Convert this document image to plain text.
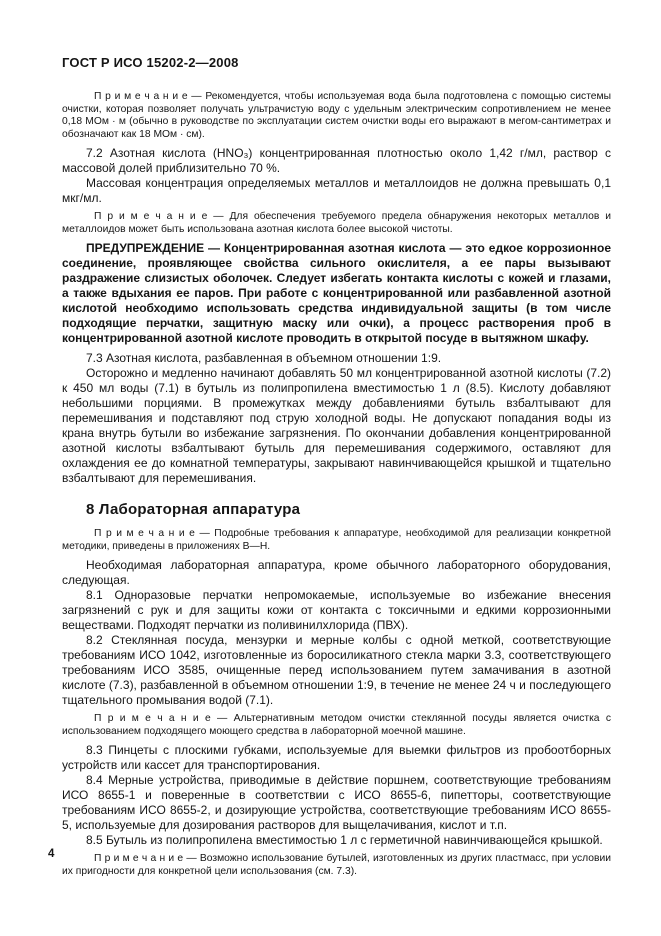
ГОСТ Р ИСО 15202-2—2008

П р и м е ч а н и е — Рекомендуется, чтобы используемая вода была подготовлена с помощью системы очистки, которая позволяет получать ультрачистую воду с удельным электрическим сопротивлением не менее 0,18 МОм · м (обычно в руководстве по эксплуатации систем очистки воды его выражают в мегом-сантиметрах и обозначают как 18 МОм · см).

7.2 Азотная кислота (HNO₃) концентрированная плотностью около 1,42 г/мл, раствор с массовой долей приблизительно 70 %.

Массовая концентрация определяемых металлов и металлоидов не должна превышать 0,1 мкг/мл.

П р и м е ч а н и е — Для обеспечения требуемого предела обнаружения некоторых металлов и металлоидов может быть использована азотная кислота более высокой чистоты.

ПРЕДУПРЕЖДЕНИЕ — Концентрированная азотная кислота — это едкое коррозионное соединение, проявляющее свойства сильного окислителя, а ее пары вызывают раздражение слизистых оболочек. Следует избегать контакта кислоты с кожей и глазами, а также вдыхания ее паров. При работе с концентрированной или разбавленной азотной кислотой необходимо использовать средства индивидуальной защиты (в том числе подходящие перчатки, защитную маску или очки), а процесс растворения проб в концентрированной азотной кислоте проводить в открытой посуде в вытяжном шкафу.

7.3 Азотная кислота, разбавленная в объемном отношении 1:9.

Осторожно и медленно начинают добавлять 50 мл концентрированной азотной кислоты (7.2) к 450 мл воды (7.1) в бутыль из полипропилена вместимостью 1 л (8.5). Кислоту добавляют небольшими порциями. В промежутках между добавлениями бутыль взбалтывают для перемешивания и подставляют под струю холодной воды. Не допускают попадания воды из крана внутрь бутыли во избежание загрязнения. По окончании добавления концентрированной азотной кислоты взбалтывают бутыль для перемешивания содержимого, оставляют для охлаждения ее до комнатной температуры, закрывают навинчивающейся крышкой и тщательно взбалтывают для перемешивания.

8 Лабораторная аппаратура

П р и м е ч а н и е — Подробные требования к аппаратуре, необходимой для реализации конкретной методики, приведены в приложениях В—Н.

Необходимая лабораторная аппаратура, кроме обычного лабораторного оборудования, следующая.

8.1 Одноразовые перчатки непромокаемые, используемые во избежание внесения загрязнений с рук и для защиты кожи от контакта с токсичными и едкими коррозионными веществами. Подходят перчатки из поливинилхлорида (ПВХ).

8.2 Стеклянная посуда, мензурки и мерные колбы с одной меткой, соответствующие требованиям ИСО 1042, изготовленные из боросиликатного стекла марки 3.3, соответствующего требованиям ИСО 3585, очищенные перед использованием путем замачивания в азотной кислоте (7.3), разбавленной в объемном отношении 1:9, в течение не менее 24 ч и последующего тщательного промывания водой (7.1).

П р и м е ч а н и е — Альтернативным методом очистки стеклянной посуды является очистка с использованием подходящего моющего средства в лабораторной моечной машине.

8.3 Пинцеты с плоскими губками, используемые для выемки фильтров из пробоотборных устройств или кассет для транспортирования.

8.4 Мерные устройства, приводимые в действие поршнем, соответствующие требованиям ИСО 8655-1 и поверенные в соответствии с ИСО 8655-6, пипетторы, соответствующие требованиям ИСО 8655-2, и дозирующие устройства, соответствующие требованиям ИСО 8655-5, используемые для дозирования растворов для выщелачивания, кислот и т.п.

8.5 Бутыль из полипропилена вместимостью 1 л с герметичной навинчивающейся крышкой.

П р и м е ч а н и е — Возможно использование бутылей, изготовленных из других пластмасс, при условии их пригодности для конкретной цели использования (см. 7.3).

4
